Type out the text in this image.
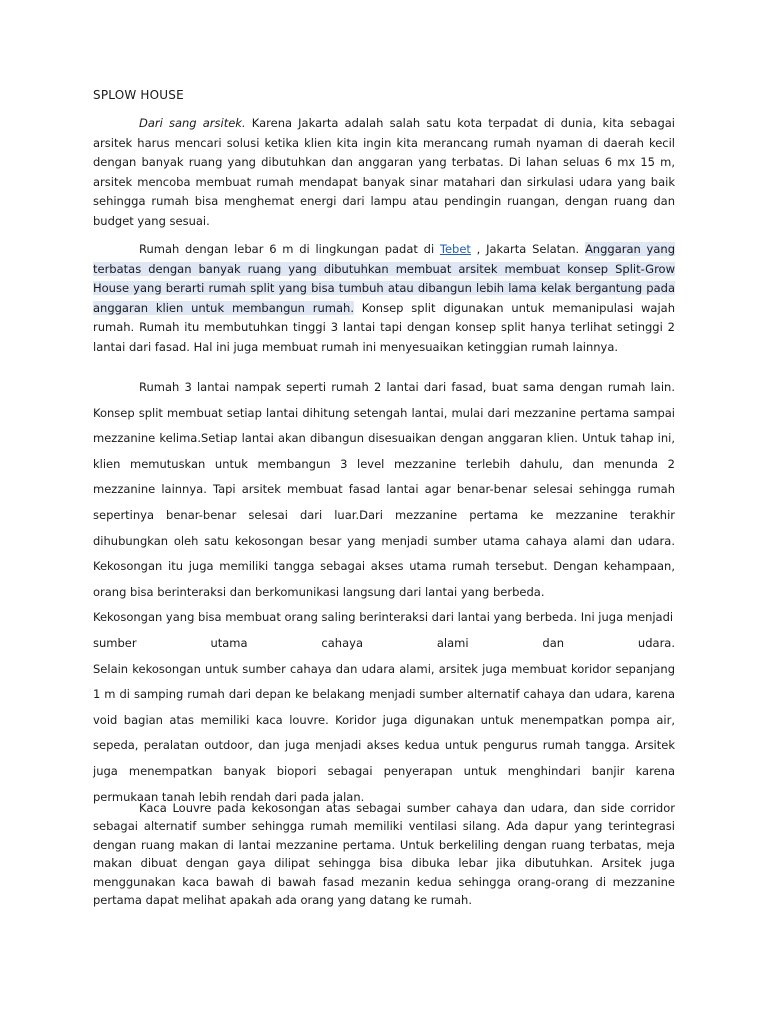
SPLOW HOUSE
Dari sang arsitek. Karena Jakarta adalah salah satu kota terpadat di dunia, kita sebagai arsitek harus mencari solusi ketika klien kita ingin kita merancang rumah nyaman di daerah kecil dengan banyak ruang yang dibutuhkan dan anggaran yang terbatas. Di lahan seluas 6 mx 15 m, arsitek mencoba membuat rumah mendapat banyak sinar matahari dan sirkulasi udara yang baik sehingga rumah bisa menghemat energi dari lampu atau pendingin ruangan, dengan ruang dan budget yang sesuai.
Rumah dengan lebar 6 m di lingkungan padat di Tebet , Jakarta Selatan. Anggaran yang terbatas dengan banyak ruang yang dibutuhkan membuat arsitek membuat konsep Split-Grow House yang berarti rumah split yang bisa tumbuh atau dibangun lebih lama kelak bergantung pada anggaran klien untuk membangun rumah. Konsep split digunakan untuk memanipulasi wajah rumah. Rumah itu membutuhkan tinggi 3 lantai tapi dengan konsep split hanya terlihat setinggi 2 lantai dari fasad. Hal ini juga membuat rumah ini menyesuaikan ketinggian rumah lainnya.
Rumah 3 lantai nampak seperti rumah 2 lantai dari fasad, buat sama dengan rumah lain. Konsep split membuat setiap lantai dihitung setengah lantai, mulai dari mezzanine pertama sampai mezzanine kelima.Setiap lantai akan dibangun disesuaikan dengan anggaran klien. Untuk tahap ini, klien memutuskan untuk membangun 3 level mezzanine terlebih dahulu, dan menunda 2 mezzanine lainnya. Tapi arsitek membuat fasad lantai agar benar-benar selesai sehingga rumah sepertinya benar-benar selesai dari luar.Dari mezzanine pertama ke mezzanine terakhir dihubungkan oleh satu kekosongan besar yang menjadi sumber utama cahaya alami dan udara. Kekosongan itu juga memiliki tangga sebagai akses utama rumah tersebut. Dengan kehampaan, orang bisa berinteraksi dan berkomunikasi langsung dari lantai yang berbeda.
Kekosongan yang bisa membuat orang saling berinteraksi dari lantai yang berbeda. Ini juga menjadi
sumber utama cahaya alami dan udara.
Selain kekosongan untuk sumber cahaya dan udara alami, arsitek juga membuat koridor sepanjang 1 m di samping rumah dari depan ke belakang menjadi sumber alternatif cahaya dan udara, karena void bagian atas memiliki kaca louvre. Koridor juga digunakan untuk menempatkan pompa air, sepeda, peralatan outdoor, dan juga menjadi akses kedua untuk pengurus rumah tangga. Arsitek juga menempatkan banyak biopori sebagai penyerapan untuk menghindari banjir karena permukaan tanah lebih rendah dari pada jalan.
Kaca Louvre pada kekosongan atas sebagai sumber cahaya dan udara, dan side corridor sebagai alternatif sumber sehingga rumah memiliki ventilasi silang. Ada dapur yang terintegrasi dengan ruang makan di lantai mezzanine pertama. Untuk berkeliling dengan ruang terbatas, meja makan dibuat dengan gaya dilipat sehingga bisa dibuka lebar jika dibutuhkan. Arsitek juga menggunakan kaca bawah di bawah fasad mezanin kedua sehingga orang-orang di mezzanine pertama dapat melihat apakah ada orang yang datang ke rumah.
